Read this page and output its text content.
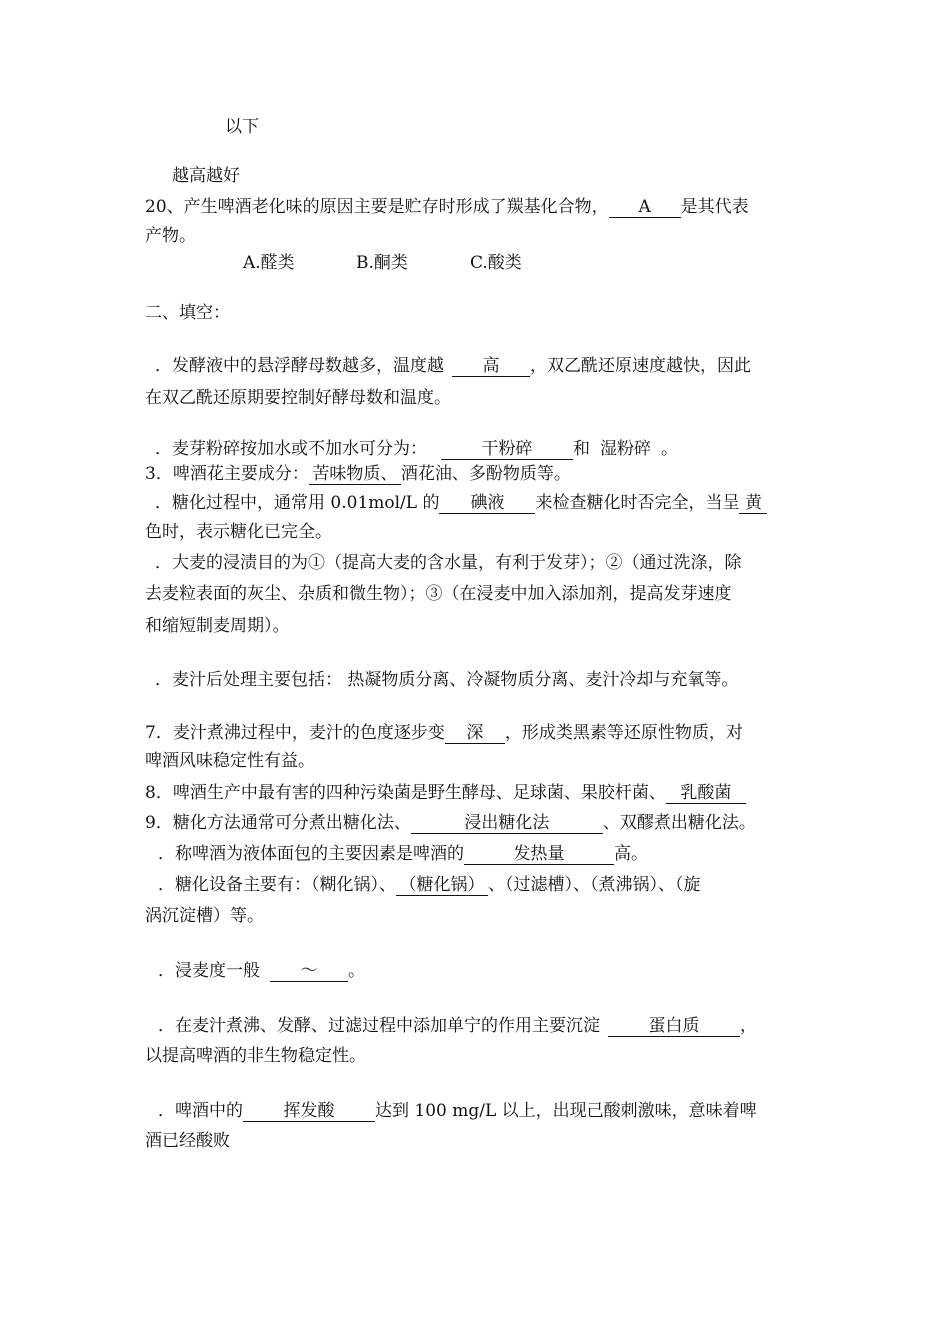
以下
越高越好
20、产生啤酒老化味的原因主要是贮存时形成了羰基化合物， A 是其代表
产物。
A.醛类	B.酮类	C.酸类
二、填空：
．发酵液中的悬浮酵母数越多，温度越 高 ，双乙酰还原速度越快，因此
在双乙酰还原期要控制好酵母数和温度。
．麦芽粉碎按加水或不加水可分为：	干粉碎 和 湿粉碎 。
3．啤酒花主要成分： 苦味物质、 酒花油、多酚物质等。
．糖化过程中，通常用 0.01mol/L 的 碘液 来检查糖化时否完全，当呈 黄
色时，表示糖化已完全。
．大麦的浸渍目的为①（提高大麦的含水量，有利于发芽）；②（通过洗涤，除
去麦粒表面的灰尘、杂质和微生物）；③（在浸麦中加入添加剂，提高发芽速度
和缩短制麦周期）。
．麦汁后处理主要包括： 热凝物质分离、冷凝物质分离、麦汁冷却与充氧等。
7．麦汁煮沸过程中，麦汁的色度逐步变 深 ，形成类黑素等还原性物质，对
啤酒风味稳定性有益。
8．啤酒生产中最有害的四种污染菌是野生酵母、足球菌、果胶杆菌、 乳酸菌
9．糖化方法通常可分煮出糖化法、	浸出糖化法	、双醪煮出糖化法。
．称啤酒为液体面包的主要因素是啤酒的	发热量	高。
．糖化设备主要有：（糊化锅）、 （糖化锅） 、（过滤槽）、（煮沸锅）、（旋
涡沉淀槽）等。
．浸麦度一般 ～ 。
．在麦汁煮沸、发酵、过滤过程中添加单宁的作用主要沉淀	蛋白质 ，
以提高啤酒的非生物稳定性。
．啤酒中的 挥发酸 达到 100 mg/L 以上，出现己酸刺激味，意味着啤
酒已经酸败
